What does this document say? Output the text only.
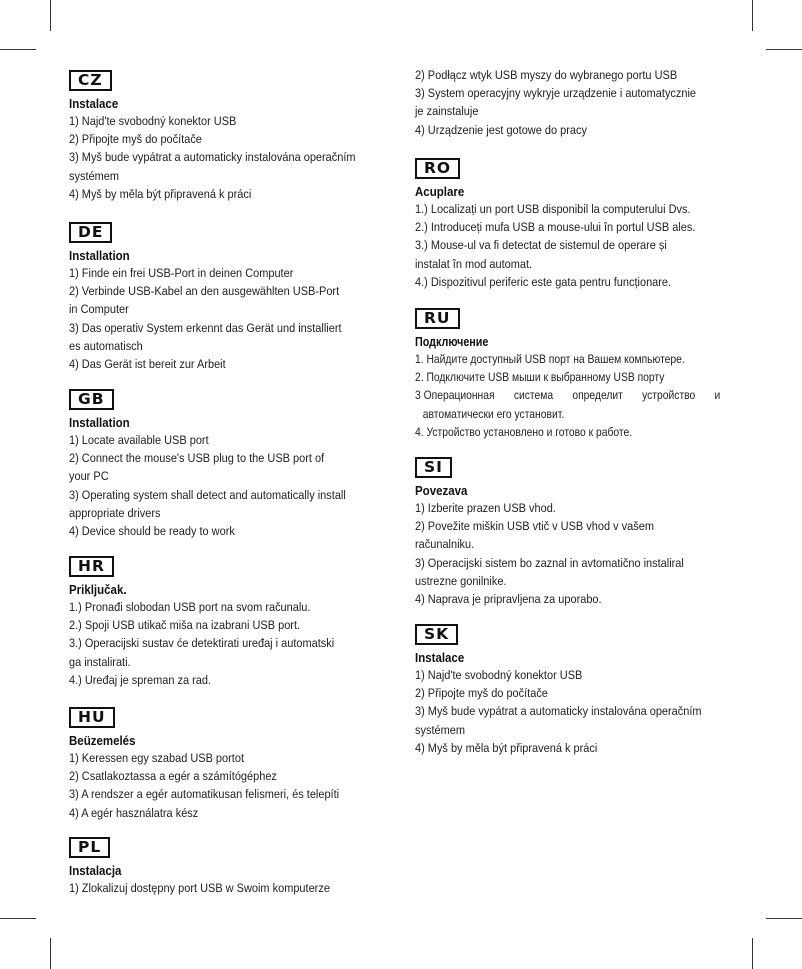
CZ
Instalace
1) Najd'te svobodný konektor USB
2) Připojte myš do počítače
3) Myš bude vypátrat a automaticky instalována operačním
systémem
4) Myš by měla být připravená k práci
DE
Installation
1) Finde ein frei USB-Port in deinen Computer
2) Verbinde USB-Kabel an den ausgewählten USB-Port
in Computer
3) Das operativ System erkennt das Gerät und installiert
es automatisch
4) Das Gerät ist bereit zur Arbeit
GB
Installation
1) Locate available USB port
2) Connect the mouse's USB plug to the USB port of
your PC
3) Operating system shall detect and automatically install
appropriate drivers
4) Device should be ready to work
HR
Priključak.
1.) Pronađi slobodan USB port na svom računalu.
2.) Spoji USB utikač miša na izabrani USB port.
3.) Operacijski sustav će detektirati uređaj i automatski
ga instalirati.
4.) Uređaj je spreman za rad.
HU
Beüzemelés
1) Keressen egy szabad USB portot
2) Csatlakoztassa a egér a számítógéphez
3) A rendszer a egér automatikusan felismeri, és telepíti
4) A egér használatra kész
PL
Instalacja
1) Zlokalizuj dostępny port USB w Swoim komputerze
2) Podłącz wtyk USB myszy do wybranego portu USB
3) System operacyjny wykryje urządzenie i automatycznie
je zainstaluje
4) Urządzenie jest gotowe do pracy
RO
Acuplare
1.) Localizați un port USB disponibil la computerului Dvs.
2.) Introduceți mufa USB a mouse-ului în portul USB ales.
3.) Mouse-ul va fi detectat de sistemul de operare și
instalat în mod automat.
4.) Dispozitivul periferic este gata pentru funcționare.
RU
Подключение
1. Найдите доступный USB порт на Вашем компьютере.
2. Подключите USB мыши к выбранному USB порту
3 Операционная система определит устройство и
автоматически его установит.
4. Устройство установлено и готово к работе.
SI
Povezava
1) Izberite prazen USB vhod.
2) Povežite miškin USB vtič v USB vhod v vašem
računalniku.
3) Operacijski sistem bo zaznal in avtomatično instaliral
ustrezne gonilnike.
4) Naprava je pripravljena za uporabo.
SK
Instalace
1) Najd'te svobodný konektor USB
2) Připojte myš do počítače
3) Myš bude vypátrat a automaticky instalována operačním
systémem
4) Myš by měla být připravená k práci
